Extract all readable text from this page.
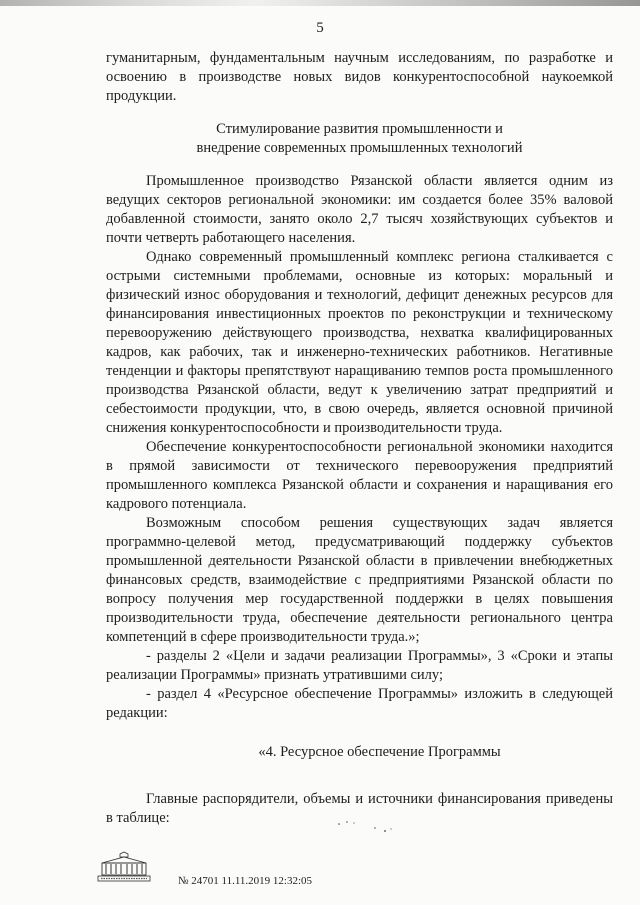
5

гуманитарным, фундаментальным научным исследованиям, по разработке и освоению в производстве новых видов конкурентоспособной наукоемкой продукции.

Стимулирование развития промышленности и
внедрение современных промышленных технологий

Промышленное производство Рязанской области является одним из ведущих секторов региональной экономики: им создается более 35% валовой добавленной стоимости, занято около 2,7 тысяч хозяйствующих субъектов и почти четверть работающего населения.

Однако современный промышленный комплекс региона сталкивается с острыми системными проблемами, основные из которых: моральный и физический износ оборудования и технологий, дефицит денежных ресурсов для финансирования инвестиционных проектов по реконструкции и техническому перевооружению действующего производства, нехватка квалифицированных кадров, как рабочих, так и инженерно-технических работников. Негативные тенденции и факторы препятствуют наращиванию темпов роста промышленного производства Рязанской области, ведут к увеличению затрат предприятий и себестоимости продукции, что, в свою очередь, является основной причиной снижения конкурентоспособности и производительности труда.

Обеспечение конкурентоспособности региональной экономики находится в прямой зависимости от технического перевооружения предприятий промышленного комплекса Рязанской области и сохранения и наращивания его кадрового потенциала.

Возможным способом решения существующих задач является программно-целевой метод, предусматривающий поддержку субъектов промышленной деятельности Рязанской области в привлечении внебюджетных финансовых средств, взаимодействие с предприятиями Рязанской области по вопросу получения мер государственной поддержки в целях повышения производительности труда, обеспечение деятельности регионального центра компетенций в сфере производительности труда.»;

- разделы 2 «Цели и задачи реализации Программы», 3 «Сроки и этапы реализации Программы» признать утратившими силу;

- раздел 4 «Ресурсное обеспечение Программы» изложить в следующей редакции:

«4. Ресурсное обеспечение Программы

Главные распорядители, объемы и источники финансирования приведены в таблице:

№ 24701 11.11.2019 12:32:05
